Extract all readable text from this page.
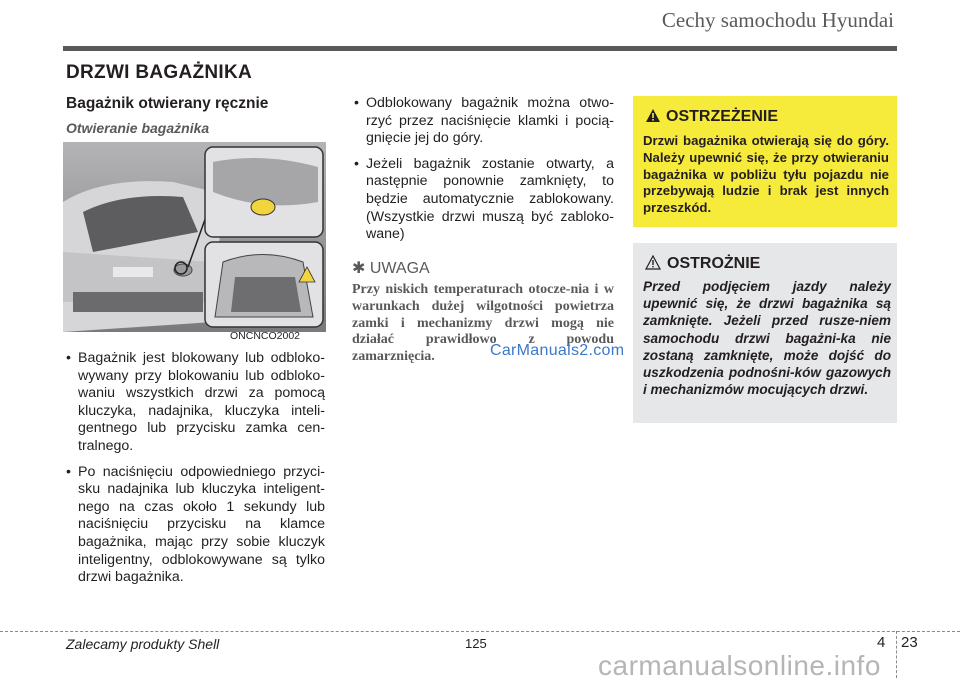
Cechy samochodu Hyundai
DRZWI BAGAŻNIKA
Bagażnik otwierany ręcznie
Otwieranie bagażnika
ONCNCO2002
• Bagażnik jest blokowany lub odbloko-wywany przy blokowaniu lub odbloko-waniu wszystkich drzwi za pomocą kluczyka, nadajnika, kluczyka inteli-gentnego lub przycisku zamka cen-tralnego.
• Po naciśnięciu odpowiedniego przyci-sku nadajnika lub kluczyka inteligent-nego na czas około 1 sekundy lub naciśnięciu przycisku na klamce bagażnika, mając przy sobie kluczyk inteligentny, odblokowywane są tylko drzwi bagażnika.
• Odblokowany bagażnik można otwo-rzyć przez naciśnięcie klamki i pocią-gnięcie jej do góry.
• Jeżeli bagażnik zostanie otwarty, a następnie ponownie zamknięty, to będzie automatycznie zablokowany. (Wszystkie drzwi muszą być zabloko-wane)
✱ UWAGA
Przy niskich temperaturach otocze-nia i w warunkach dużej wilgotności powietrza zamki i mechanizmy drzwi mogą nie działać prawidłowo z powodu zamarznięcia.	CarManuals2.com
OSTRZEŻENIE
Drzwi bagażnika otwierają się do góry. Należy upewnić się, że przy otwieraniu bagażnika w pobliżu tyłu pojazdu nie przebywają ludzie i brak jest innych przeszkód.
OSTROŻNIE
Przed podjęciem jazdy należy upewnić się, że drzwi bagażnika są zamknięte. Jeżeli przed rusze-niem samochodu drzwi bagażni-ka nie zostaną zamknięte, może dojść do uszkodzenia podnośni-ków gazowych i mechanizmów mocujących drzwi.
Zalecamy produkty Shell	125	4 23
carmanualsonline.info
